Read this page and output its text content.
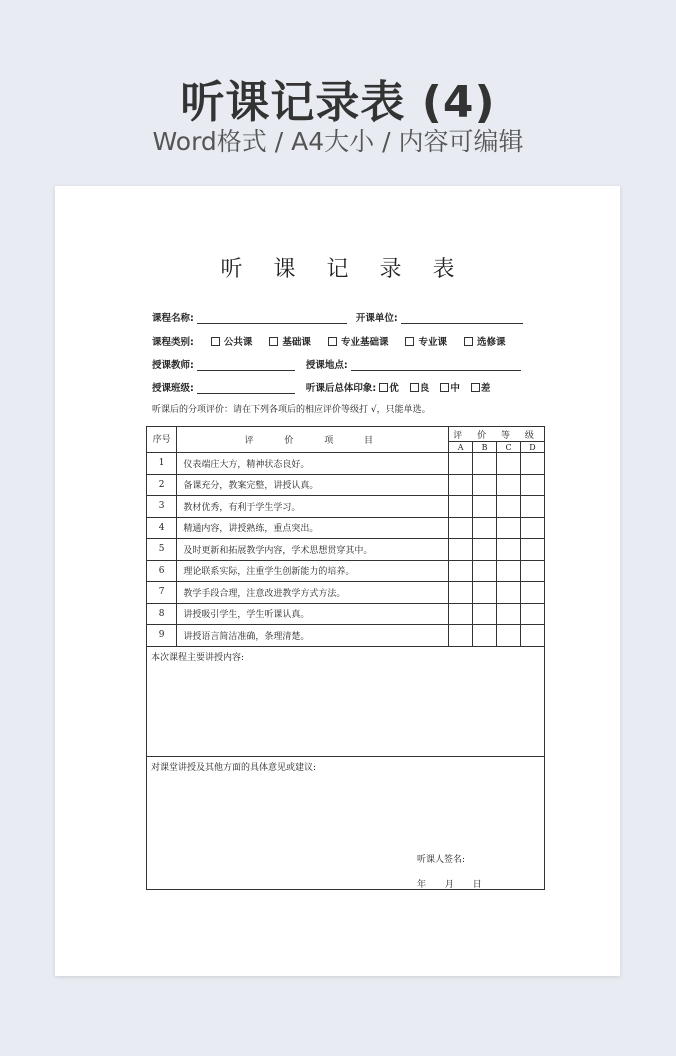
听课记录表 (4)
Word格式 / A4大小 / 内容可编辑
听 课 记 录 表
课程名称:	开课单位:
课程类别:	公共课	基础课	专业基础课	专业课	选修课
授课教师:	授课地点:
授课班级:	听课后总体印象: 优 良 中 差
听课后的分项评价：请在下列各项后的相应评价等级打 √，只能单选。
序号	评 价 项 目	评 价 等 级			
		A	B	C	D
1	仪表端庄大方，精神状态良好。				
2	备课充分，教案完整，讲授认真。				
3	教材优秀，有利于学生学习。				
4	精通内容，讲授熟练，重点突出。				
5	及时更新和拓展教学内容，学术思想贯穿其中。				
6	理论联系实际，注重学生创新能力的培养。				
7	教学手段合理，注意改进教学方式方法。				
8	讲授吸引学生，学生听课认真。				
9	讲授语言简洁准确，条理清楚。				

本次课程主要讲授内容:					

对课堂讲授及其他方面的具体意见或建议:
听课人签名:
年 月 日					
